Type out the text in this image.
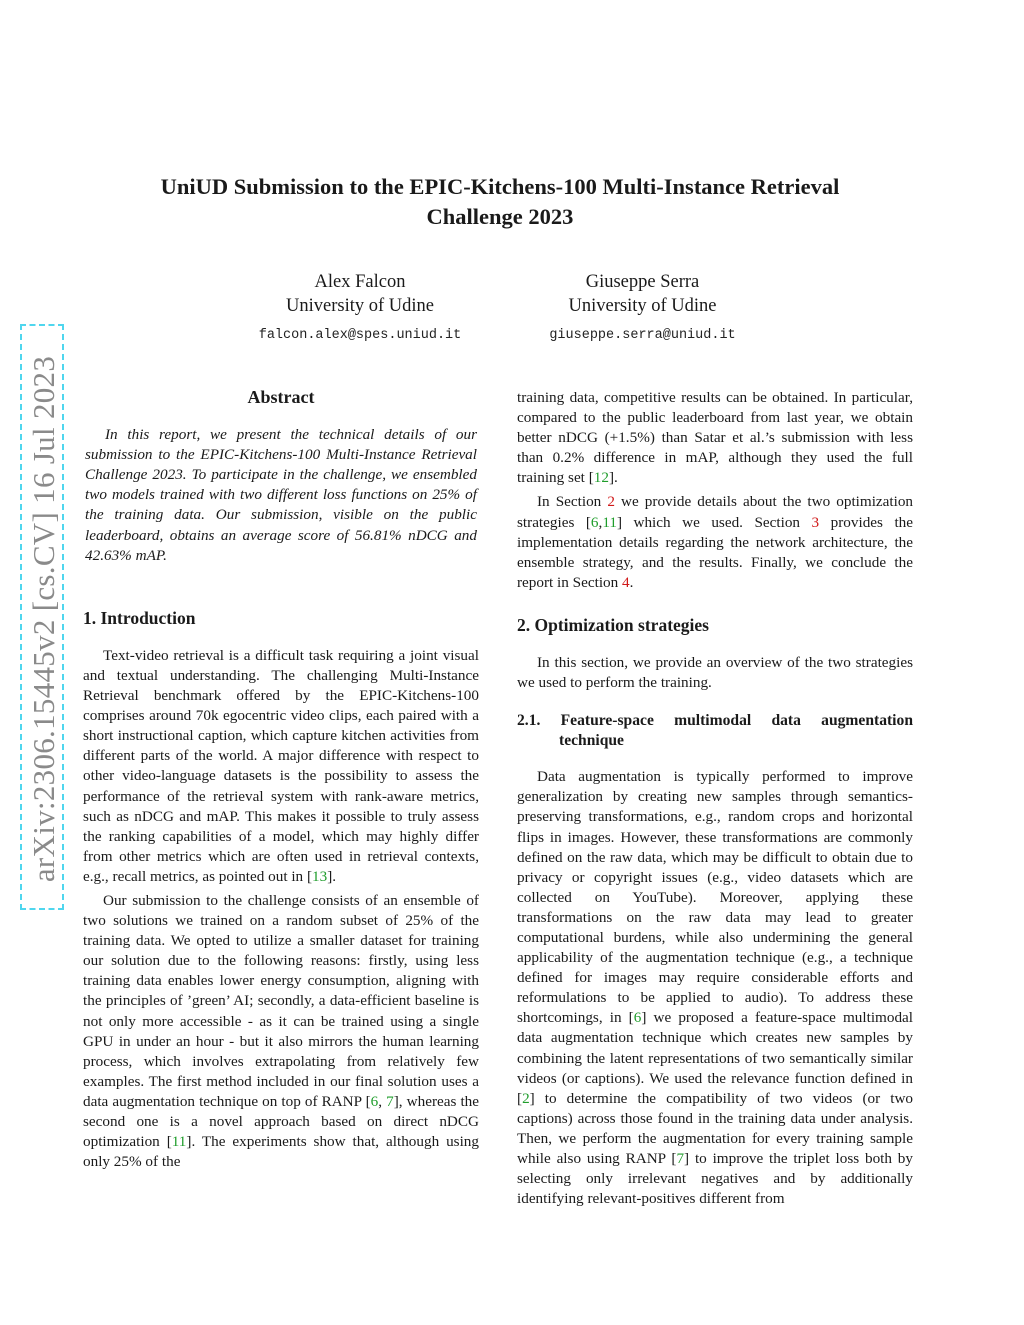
arXiv:2306.15445v2 [cs.CV] 16 Jul 2023
UniUD Submission to the EPIC-Kitchens-100 Multi-Instance Retrieval
Challenge 2023
Alex Falcon
University of Udine
falcon.alex@spes.uniud.it
Giuseppe Serra
University of Udine
giuseppe.serra@uniud.it
Abstract

In this report, we present the technical details of our submission to the EPIC-Kitchens-100 Multi-Instance Retrieval Challenge 2023. To participate in the challenge, we ensembled two models trained with two different loss functions on 25% of the training data. Our submission, visible on the public leaderboard, obtains an average score of 56.81% nDCG and 42.63% mAP.

1. Introduction

Text-video retrieval is a difficult task requiring a joint visual and textual understanding. The challenging Multi-Instance Retrieval benchmark offered by the EPIC-Kitchens-100 comprises around 70k egocentric video clips, each paired with a short instructional caption, which capture kitchen activities from different parts of the world. A major difference with respect to other video-language datasets is the possibility to assess the performance of the retrieval system with rank-aware metrics, such as nDCG and mAP. This makes it possible to truly assess the ranking capabilities of a model, which may highly differ from other metrics which are often used in retrieval contexts, e.g., recall metrics, as pointed out in [13].

Our submission to the challenge consists of an ensemble of two solutions we trained on a random subset of 25% of the training data. We opted to utilize a smaller dataset for training our solution due to the following reasons: firstly, using less training data enables lower energy consumption, aligning with the principles of ’green’ AI; secondly, a data-efficient baseline is not only more accessible - as it can be trained using a single GPU in under an hour - but it also mirrors the human learning process, which involves extrapolating from relatively few examples. The first method included in our final solution uses a data augmentation technique on top of RANP [6, 7], whereas the second one is a novel approach based on direct nDCG optimization [11]. The experiments show that, although using only 25% of the

training data, competitive results can be obtained. In particular, compared to the public leaderboard from last year, we obtain better nDCG (+1.5%) than Satar et al.’s submission with less than 0.2% difference in mAP, although they used the full training set [12].

In Section 2 we provide details about the two optimization strategies [6,11] which we used. Section 3 provides the implementation details regarding the network architecture, the ensemble strategy, and the results. Finally, we conclude the report in Section 4.

2. Optimization strategies

In this section, we provide an overview of the two strategies we used to perform the training.

2.1. Feature-space multimodal data augmentation technique

Data augmentation is typically performed to improve generalization by creating new samples through semantics-preserving transformations, e.g., random crops and horizontal flips in images. However, these transformations are commonly defined on the raw data, which may be difficult to obtain due to privacy or copyright issues (e.g., video datasets which are collected on YouTube). Moreover, applying these transformations on the raw data may lead to greater computational burdens, while also undermining the general applicability of the augmentation technique (e.g., a technique defined for images may require considerable efforts and reformulations to be applied to audio). To address these shortcomings, in [6] we proposed a feature-space multimodal data augmentation technique which creates new samples by combining the latent representations of two semantically similar videos (or captions). We used the relevance function defined in [2] to determine the compatibility of two videos (or two captions) across those found in the training data under analysis. Then, we perform the augmentation for every training sample while also using RANP [7] to improve the triplet loss both by selecting only irrelevant negatives and by additionally identifying relevant-positives different from
